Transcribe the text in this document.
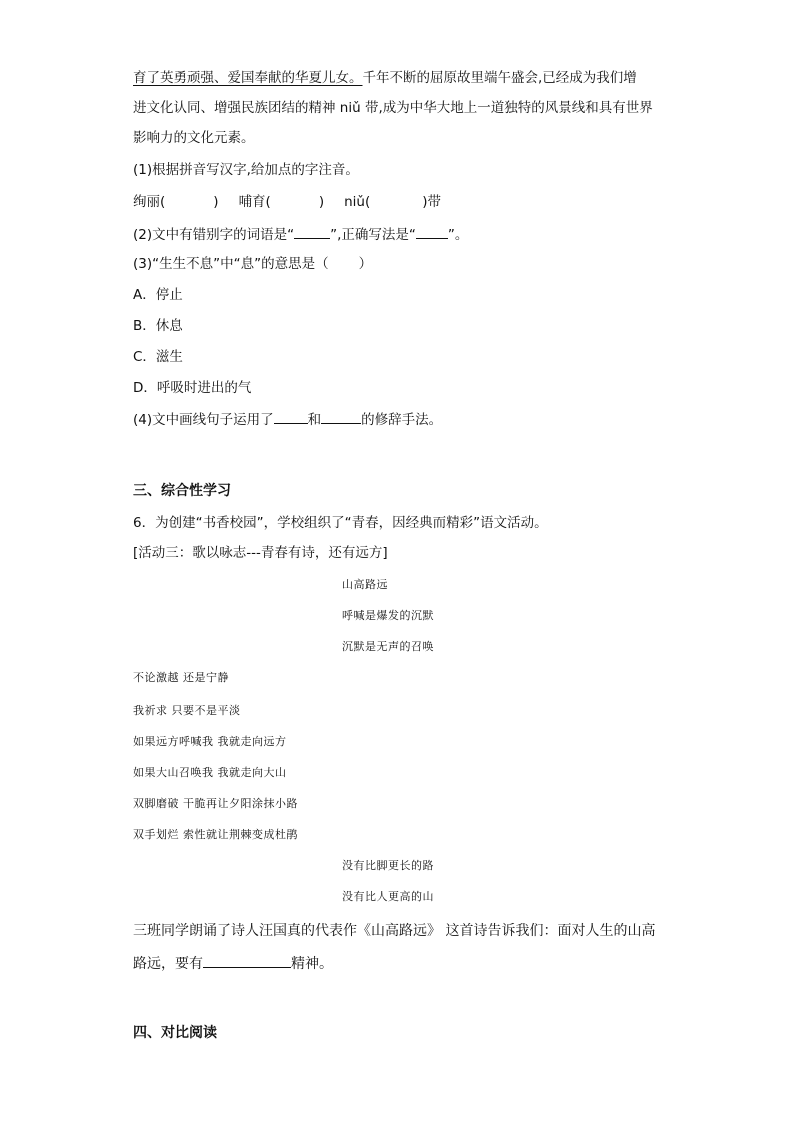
育了英勇顽强、爱国奉献的华夏儿女。千年不断的屈原故里端午盛会,已经成为我们增
进文化认同、增强民族团结的精神 niǔ 带,成为中华大地上一道独特的风景线和具有世界
影响力的文化元素。
(1)根据拼音写汉字,给加点的字注音。
绚丽(	) 哺育(	) niǔ(	)带
(2)文中有错别字的词语是“	”,正确写法是“ ”。
(3)“生生不息”中“息”的意思是（ ）
A．停止
B．休息
C．滋生
D．呼吸时进出的气
(4)文中画线句子运用了	和	的修辞手法。
三、综合性学习
6．为创建“书香校园”，学校组织了“青春，因经典而精彩”语文活动。
[活动三：歌以咏志---青春有诗，还有远方]
山高路远
呼喊是爆发的沉默
沉默是无声的召唤
不论激越 还是宁静
我祈求 只要不是平淡
如果远方呼喊我 我就走向远方
如果大山召唤我 我就走向大山
双脚磨破 干脆再让夕阳涂抹小路
双手划烂 索性就让荆棘变成杜鹃
没有比脚更长的路
没有比人更高的山
三班同学朗诵了诗人汪国真的代表作《山高路远》 这首诗告诉我们：面对人生的山高
路远，要有	精神。
四、对比阅读
